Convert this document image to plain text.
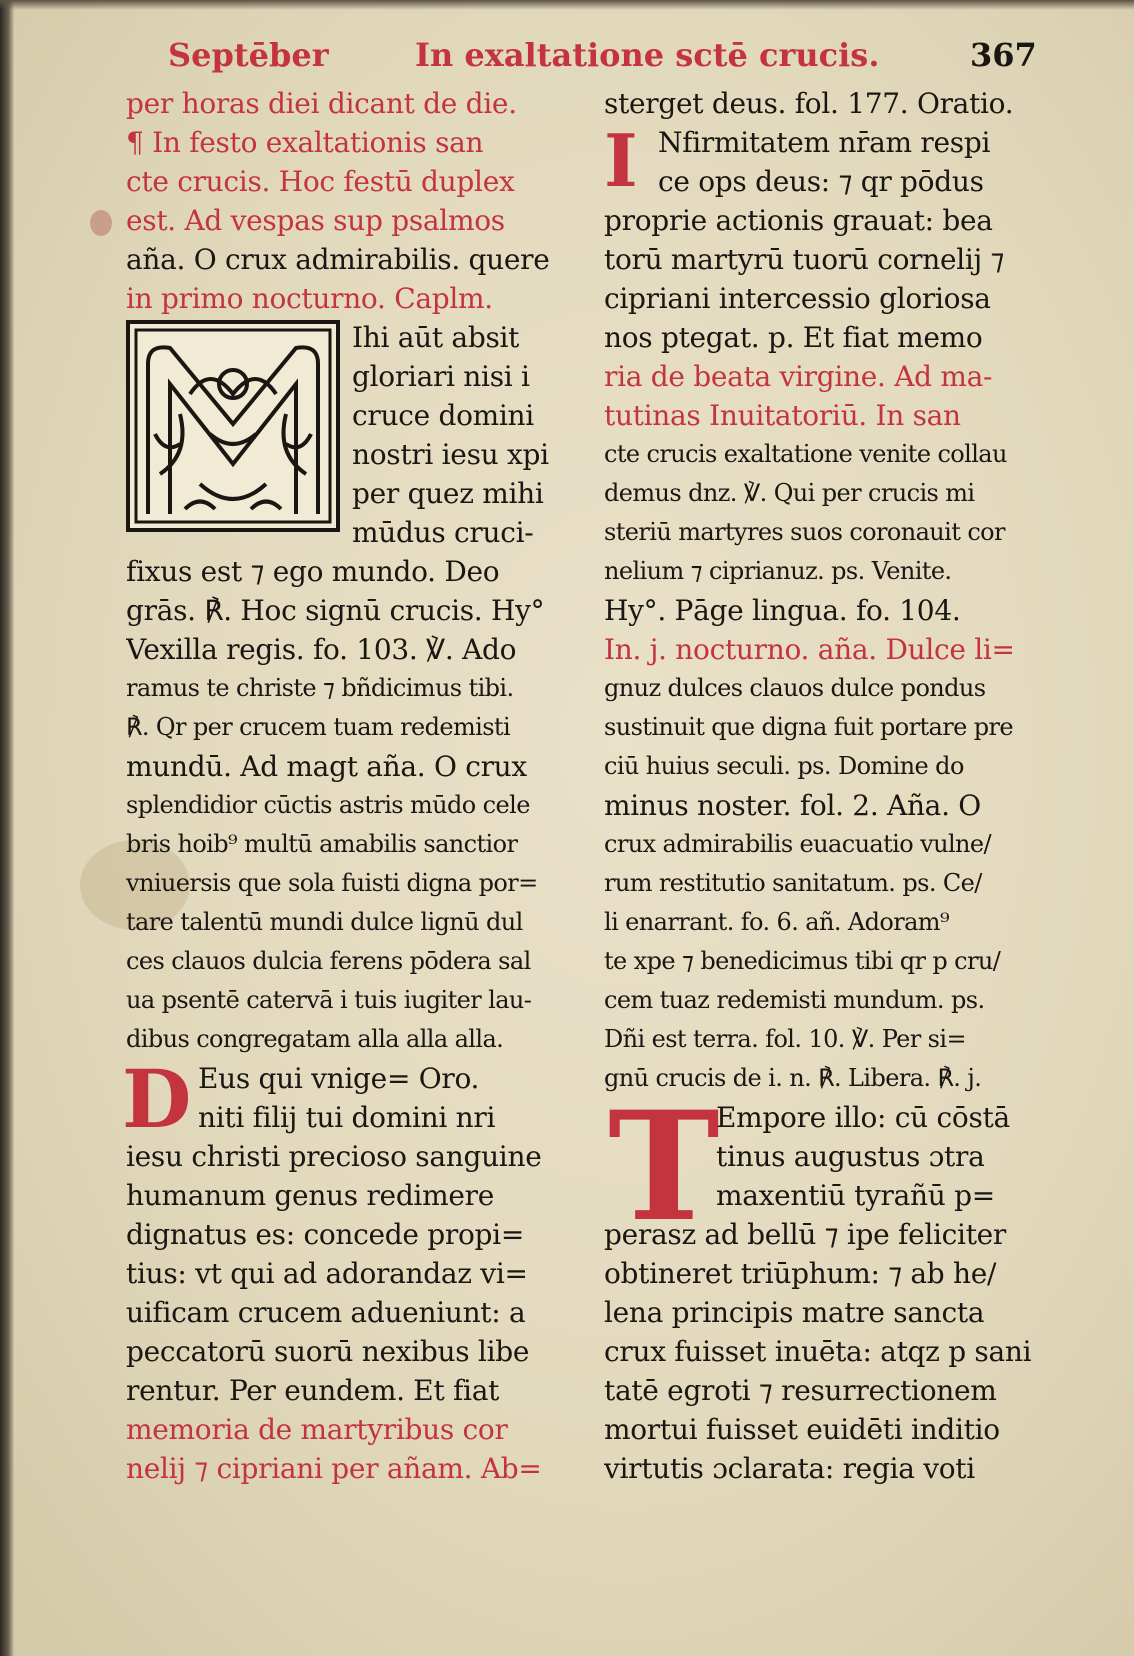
Septēber	In exaltatione sctē crucis.	367
per horas diei dicant de die.
¶ In festo exaltationis san
cte crucis. Hoc festū duplex
est. Ad vespas sup psalmos
aña. O crux admirabilis. quere
in primo nocturno. Caplm.
Ihi aūt absit
gloriari nisi i
cruce domini
nostri iesu xpi
per quez mihi
mūdus cruci-
fixus est ⁊ ego mundo. Deo
grās. ℟. Hoc signū crucis. Hy°
Vexilla regis. fo. 103. ℣. Ado
ramus te christe ⁊ bñdicimus tibi.
℟. Qr per crucem tuam redemisti
mundū. Ad magt aña. O crux
splendidior cūctis astris mūdo cele
bris hoib⁹ multū amabilis sanctior
vniuersis que sola fuisti digna por=
tare talentū mundi dulce lignū dul
ces clauos dulcia ferens pōdera sal
ua psentē catervā i tuis iugiter lau-
dibus congregatam alla alla alla.
D Eus qui vnige= Oro.
niti filij tui domini nri
iesu christi precioso sanguine
humanum genus redimere
dignatus es: concede propi=
tius: vt qui ad adorandaz vi=
uificam crucem adueniunt: a
peccatorū suorū nexibus libe
rentur. Per eundem. Et fiat
memoria de martyribus cor
nelij ⁊ cipriani per añam. Ab=
sterget deus. fol. 177. Oratio.
I Nfirmitatem nr̄am respi
ce ops deus: ⁊ qr pōdus
proprie actionis grauat: bea
torū martyrū tuorū cornelij ⁊
cipriani intercessio gloriosa
nos ptegat. p. Et fiat memo
ria de beata virgine. Ad ma-
tutinas Inuitatoriū. In san
cte crucis exaltatione venite collau
demus dnz. ℣. Qui per crucis mi
steriū martyres suos coronauit cor
nelium ⁊ ciprianuz. ps. Venite.
Hy°. Pāge lingua. fo. 104.
In. j. nocturno. aña. Dulce li=
gnuz dulces clauos dulce pondus
sustinuit que digna fuit portare pre
ciū huius seculi. ps. Domine do
minus noster. fol. 2. Aña. O
crux admirabilis euacuatio vulne/
rum restitutio sanitatum. ps. Ce/
li enarrant. fo. 6. añ. Adoram⁹
te xpe ⁊ benedicimus tibi qr p cru/
cem tuaz redemisti mundum. ps.
Dñi est terra. fol. 10. ℣. Per si=
gnū crucis de i. n. ℟. Libera. ℟. j.
T
Empore illo: cū cōstā
tinus augustus ɔtra
maxentiū tyrañū p=
perasz ad bellū ⁊ ipe feliciter
obtineret triūphum: ⁊ ab he/
lena principis matre sancta
crux fuisset inuēta: atqz p sani
tatē egroti ⁊ resurrectionem
mortui fuisset euidēti inditio
virtutis ɔclarata: regia voti
